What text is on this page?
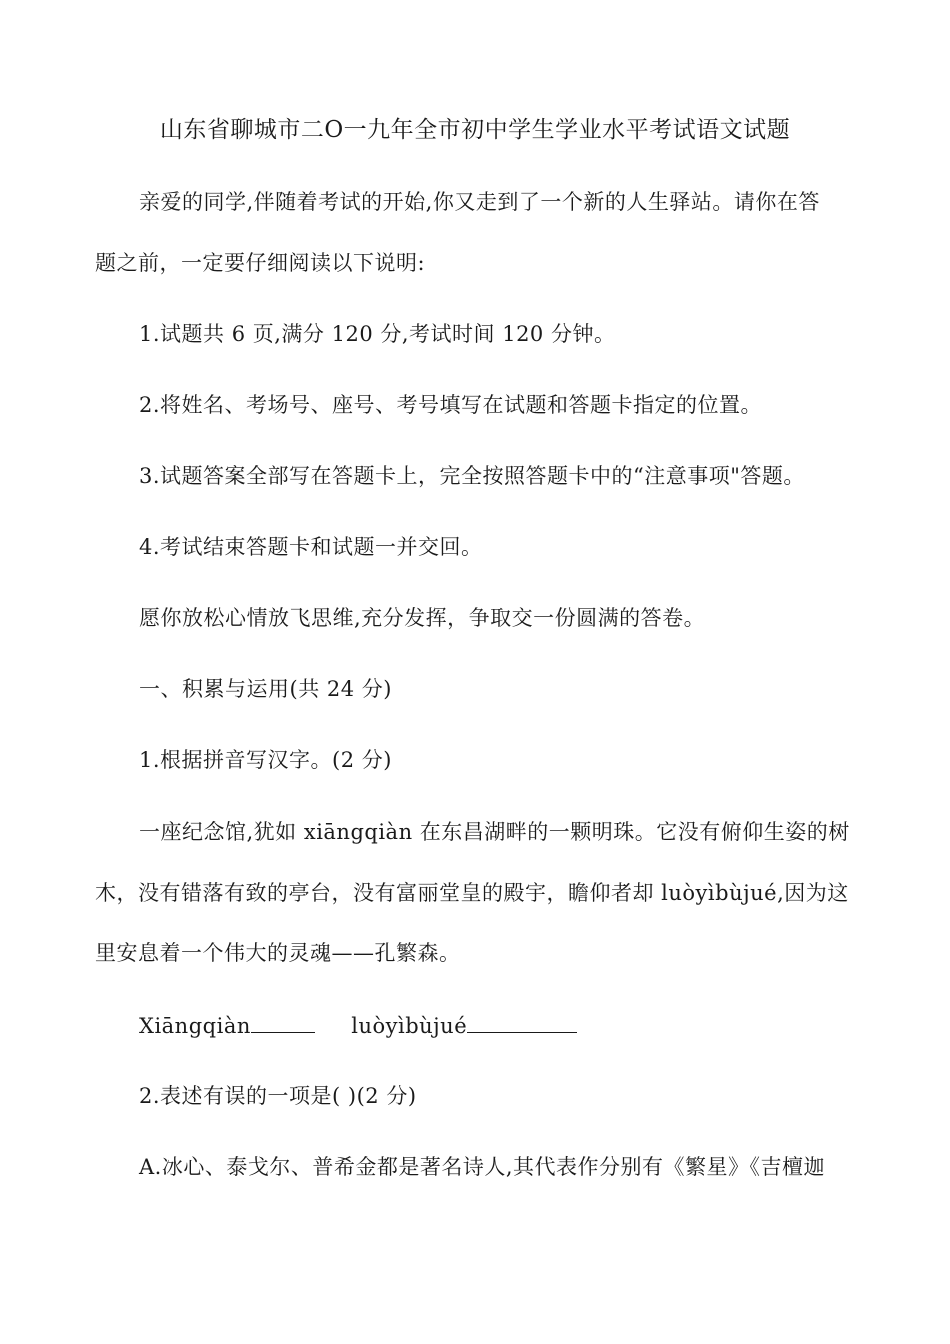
山东省聊城市二O一九年全市初中学生学业水平考试语文试题
亲爱的同学,伴随着考试的开始,你又走到了一个新的人生驿站。请你在答
题之前，一定要仔细阅读以下说明:
1.试题共 6 页,满分 120 分,考试时间 120 分钟。
2.将姓名、考场号、座号、考号填写在试题和答题卡指定的位置。
3.试题答案全部写在答题卡上，完全按照答题卡中的“注意事项"答题。
4.考试结束答题卡和试题一并交回。
愿你放松心情放飞思维,充分发挥，争取交一份圆满的答卷。
一、积累与运用(共 24 分)
1.根据拼音写汉字。(2 分)
一座纪念馆,犹如 xiāngqiàn 在东昌湖畔的一颗明珠。它没有俯仰生姿的树
木，没有错落有致的亭台，没有富丽堂皇的殿宇，瞻仰者却 luòyìbùjué,因为这
里安息着一个伟大的灵魂——孔繁森。
Xiāngqiàn	luòyìbùjué
2.表述有误的一项是( )(2 分)
A.冰心、泰戈尔、普希金都是著名诗人,其代表作分别有《繁星》《吉檀迦
